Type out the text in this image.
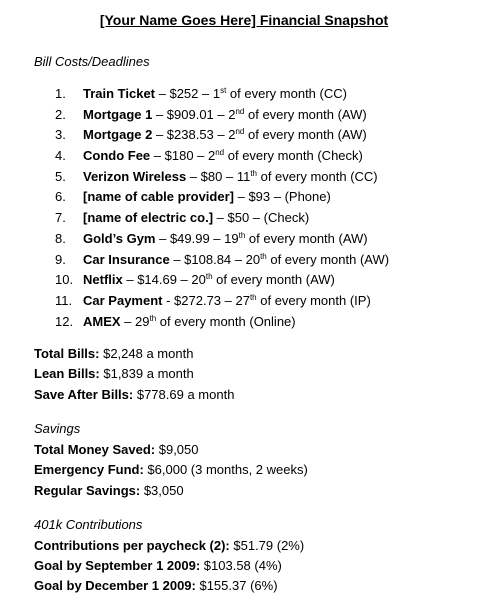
[Your Name Goes Here] Financial Snapshot
Bill Costs/Deadlines
1. Train Ticket – $252 – 1st of every month (CC)
2. Mortgage 1 – $909.01 – 2nd of every month (AW)
3. Mortgage 2 – $238.53 – 2nd of every month (AW)
4. Condo Fee – $180 – 2nd of every month (Check)
5. Verizon Wireless – $80 – 11th of every month (CC)
6. [name of cable provider] – $93 – (Phone)
7. [name of electric co.] – $50 – (Check)
8. Gold’s Gym – $49.99 – 19th of every month (AW)
9. Car Insurance – $108.84 – 20th of every month (AW)
10. Netflix – $14.69 – 20th of every month (AW)
11. Car Payment - $272.73 – 27th of every month (IP)
12. AMEX – 29th of every month (Online)
Total Bills: $2,248 a month
Lean Bills: $1,839 a month
Save After Bills: $778.69 a month
Savings
Total Money Saved: $9,050
Emergency Fund: $6,000 (3 months, 2 weeks)
Regular Savings: $3,050
401k Contributions
Contributions per paycheck (2): $51.79 (2%)
Goal by September 1 2009: $103.58 (4%)
Goal by December 1 2009: $155.37 (6%)
